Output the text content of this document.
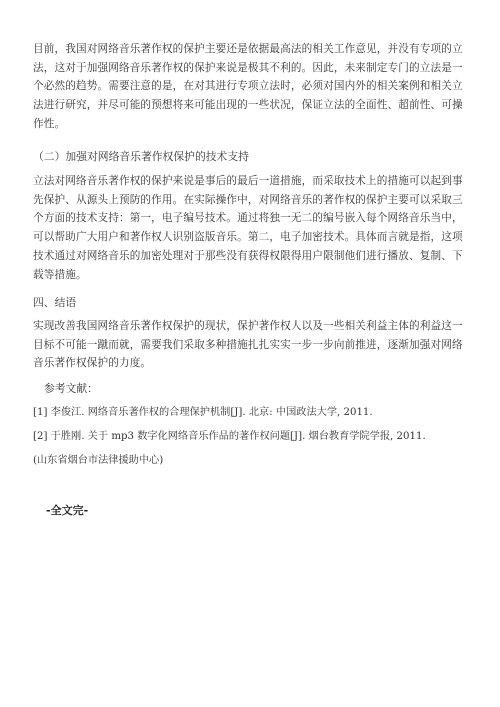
目前，我国对网络音乐著作权的保护主要还是依据最高法的相关工作意见，并没有专项的立
法，这对于加强网络音乐著作权的保护来说是极其不利的。因此，未来制定专门的立法是一
个必然的趋势。需要注意的是，在对其进行专项立法时，必须对国内外的相关案例和相关立
法进行研究，并尽可能的预想将来可能出现的一些状况，保证立法的全面性、超前性、可操
作性。
（二）加强对网络音乐著作权保护的技术支持
立法对网络音乐著作权的保护来说是事后的最后一道措施，而采取技术上的措施可以起到事
先保护、从源头上预防的作用。在实际操作中，对网络音乐的著作权的保护主要可以采取三
个方面的技术支持：第一，电子编号技术。通过将独一无二的编号嵌入每个网络音乐当中，
可以帮助广大用户和著作权人识别盗版音乐。第二，电子加密技术。具体而言就是指，这项
技术通过对网络音乐的加密处理对于那些没有获得权限得用户限制他们进行播放、复制、下
载等措施。
四、结语
实现改善我国网络音乐著作权保护的现状，保护著作权人以及一些相关利益主体的利益这一
目标不可能一蹴而就，需要我们采取多种措施扎扎实实一步一步向前推进，逐渐加强对网络
音乐著作权保护的力度。
参考文献：
[1] 李俊江. 网络音乐著作权的合理保护机制[J]. 北京: 中国政法大学, 2011.
[2] 于胜刚. 关于 mp3 数字化网络音乐作品的著作权问题[J]. 烟台教育学院学报, 2011.
(山东省烟台市法律援助中心)
-全文完-
